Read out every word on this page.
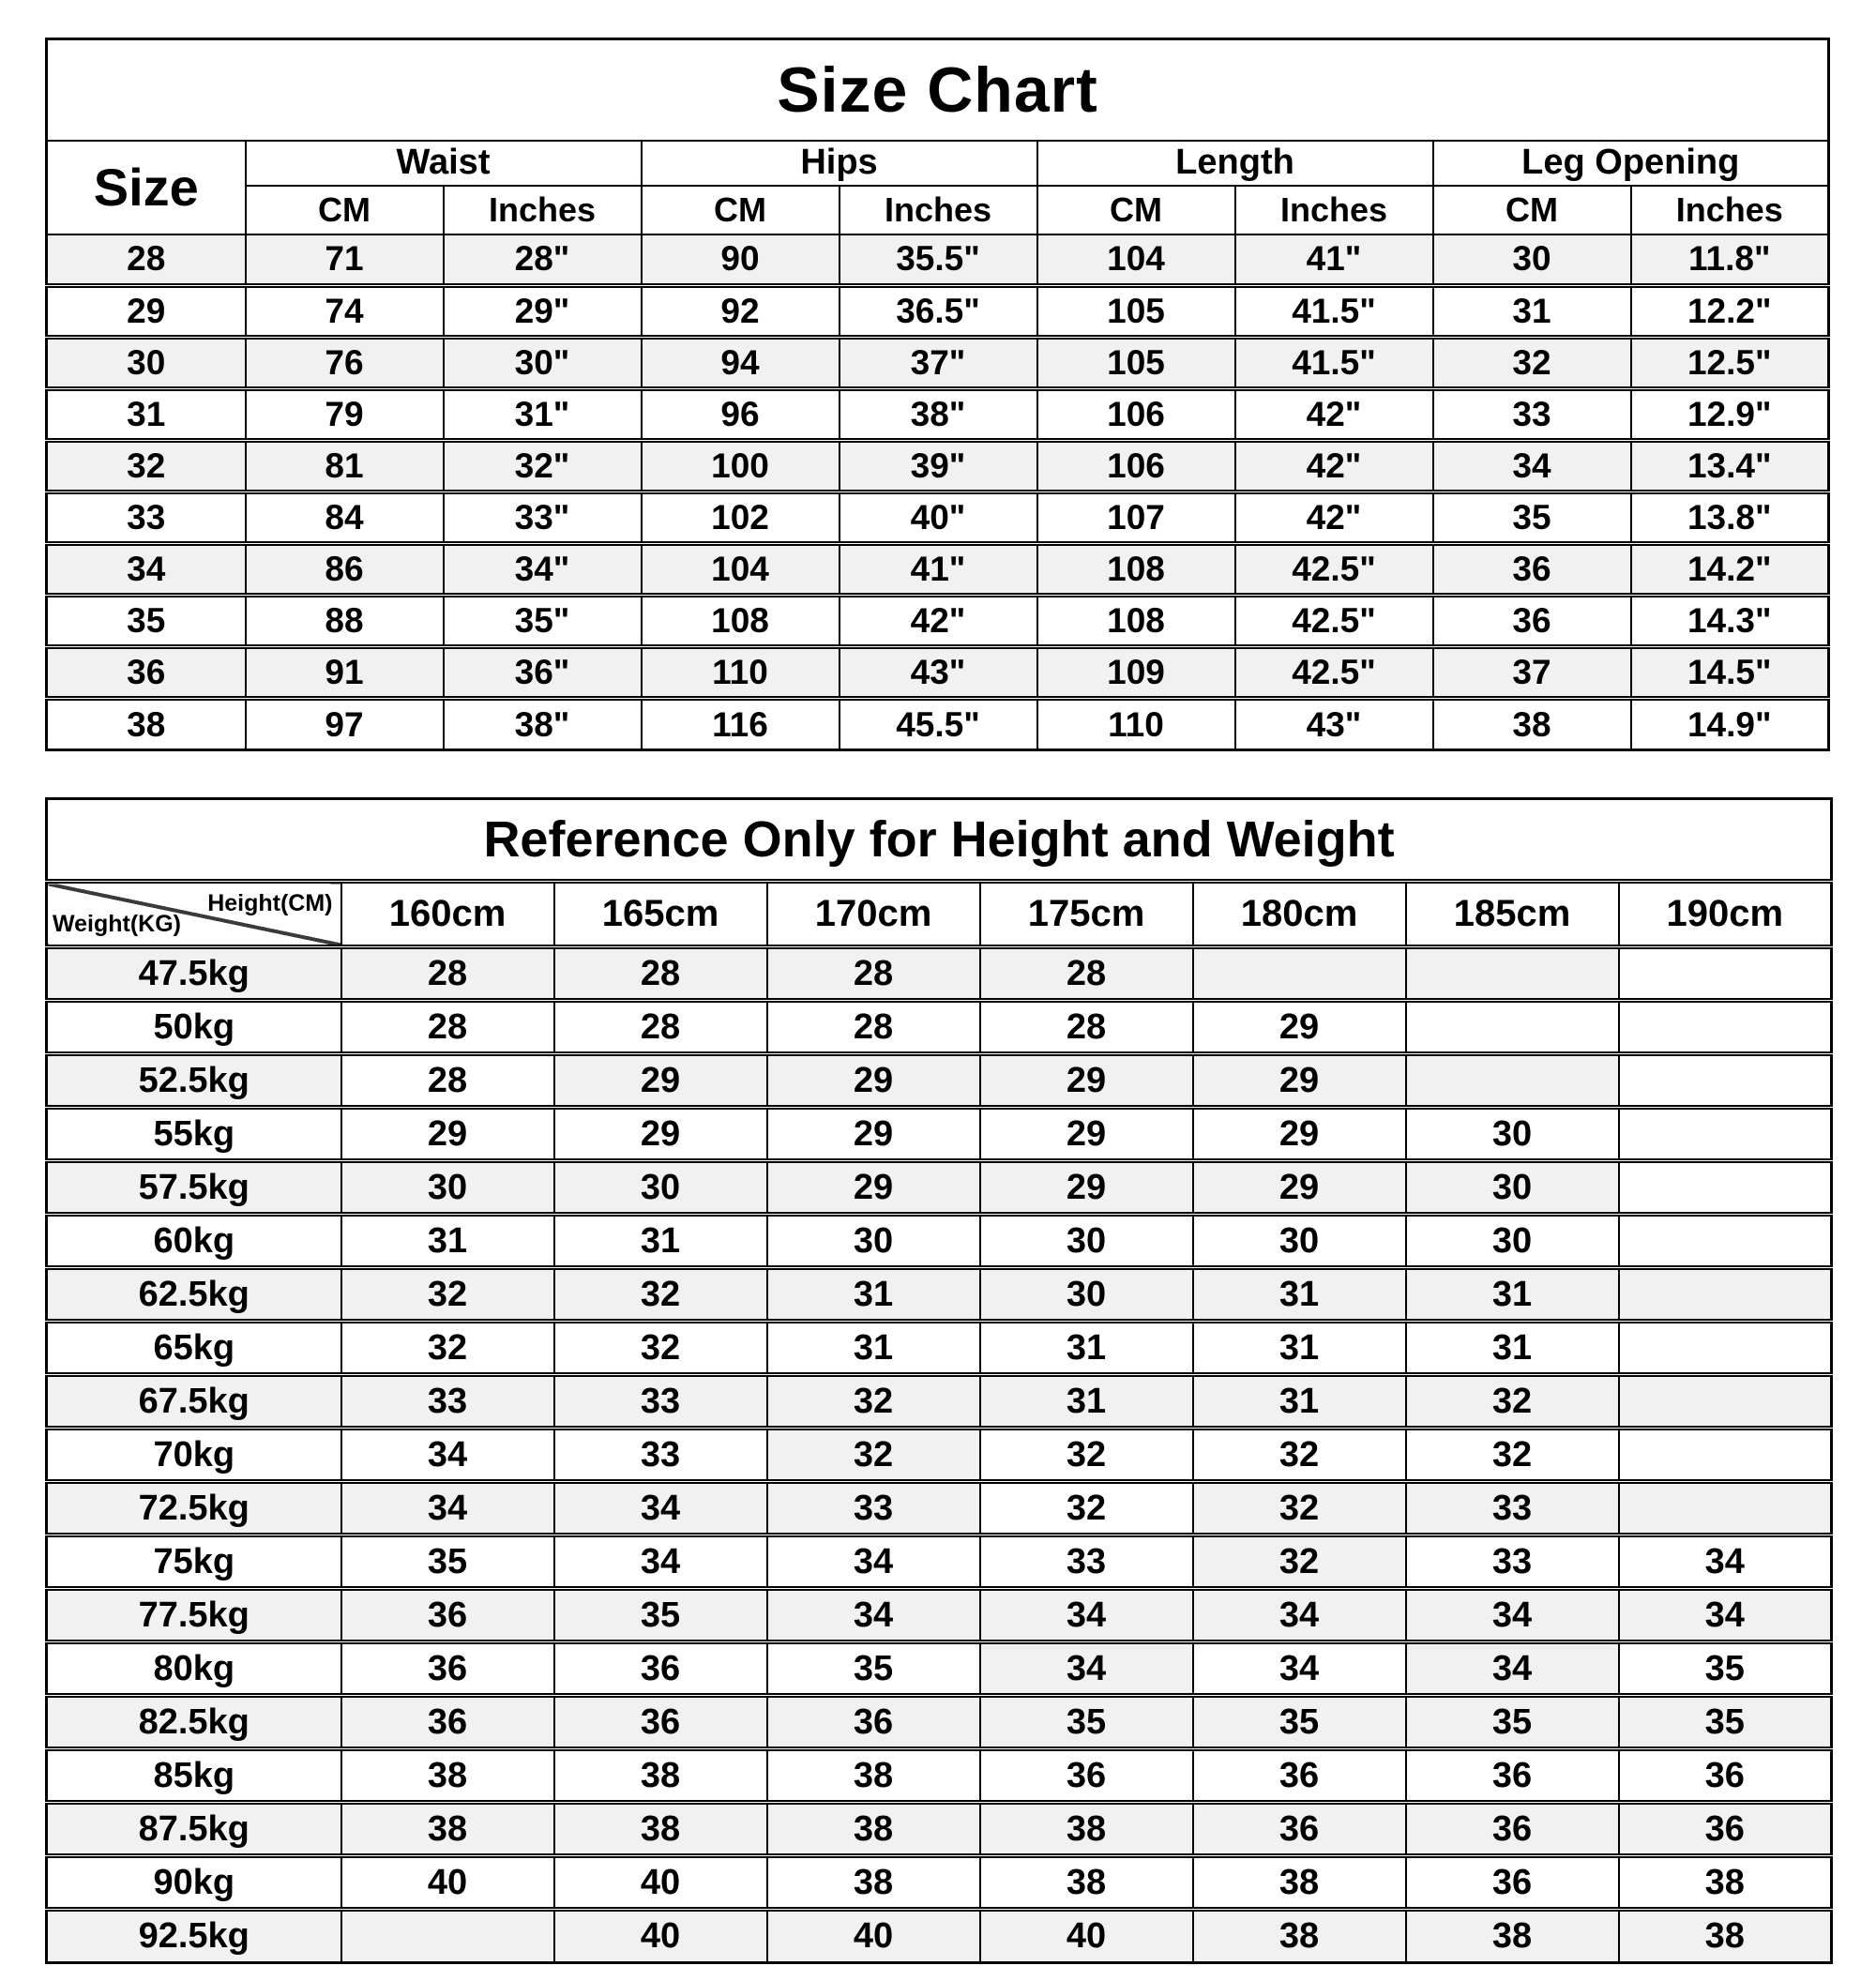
Size Chart								
Size	Waist		Hips		Length		Leg Opening	
	CM	Inches	CM	Inches	CM	Inches	CM	Inches
28	71	28"	90	35.5"	104	41"	30	11.8"
29	74	29"	92	36.5"	105	41.5"	31	12.2"
30	76	30"	94	37"	105	41.5"	32	12.5"
31	79	31"	96	38"	106	42"	33	12.9"
32	81	32"	100	39"	106	42"	34	13.4"
33	84	33"	102	40"	107	42"	35	13.8"
34	86	34"	104	41"	108	42.5"	36	14.2"
35	88	35"	108	42"	108	42.5"	36	14.3"
36	91	36"	110	43"	109	42.5"	37	14.5"
38	97	38"	116	45.5"	110	43"	38	14.9"
Reference Only for Height and Weight							

Height(CM)
Weight(KG)	160cm	165cm	170cm	175cm	180cm	185cm	190cm
47.5kg	28	28	28	28			
50kg	28	28	28	28	29		
52.5kg	28	29	29	29	29		
55kg	29	29	29	29	29	30	
57.5kg	30	30	29	29	29	30	
60kg	31	31	30	30	30	30	
62.5kg	32	32	31	30	31	31	
65kg	32	32	31	31	31	31	
67.5kg	33	33	32	31	31	32	
70kg	34	33	32	32	32	32	
72.5kg	34	34	33	32	32	33	
75kg	35	34	34	33	32	33	34
77.5kg	36	35	34	34	34	34	34
80kg	36	36	35	34	34	34	35
82.5kg	36	36	36	35	35	35	35
85kg	38	38	38	36	36	36	36
87.5kg	38	38	38	38	36	36	36
90kg	40	40	38	38	38	36	38
92.5kg		40	40	40	38	38	38
